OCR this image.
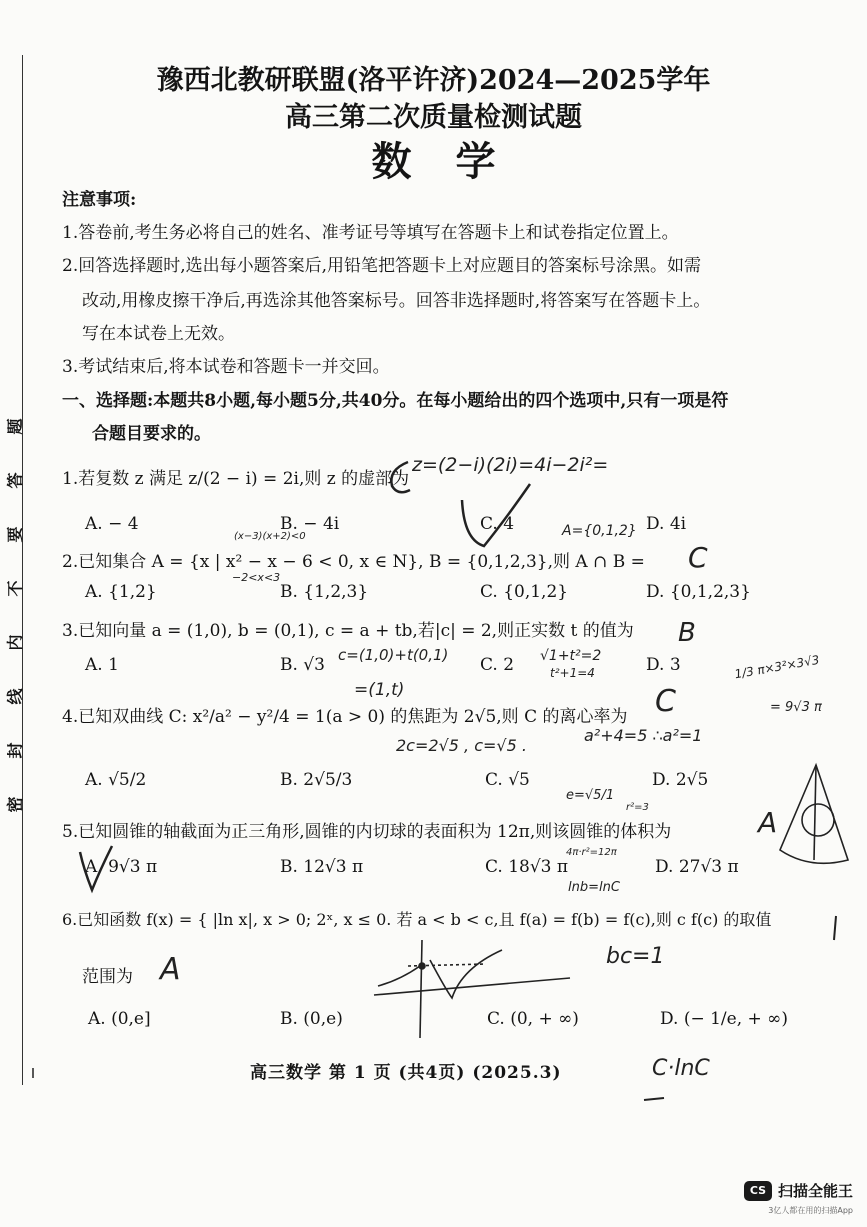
题
答
要
不
内
线
封
密
豫西北教研联盟(洛平许济)2024—2025学年
高三第二次质量检测试题
数学
注意事项:
1.答卷前,考生务必将自己的姓名、准考证号等填写在答题卡上和试卷指定位置上。
2.回答选择题时,选出每小题答案后,用铅笔把答题卡上对应题目的答案标号涂黑。如需
改动,用橡皮擦干净后,再选涂其他答案标号。回答非选择题时,将答案写在答题卡上。
写在本试卷上无效。
3.考试结束后,将本试卷和答题卡一并交回。
一、选择题:本题共8小题,每小题5分,共40分。在每小题给出的四个选项中,只有一项是符
合题目要求的。
1.若复数 z 满足 z/(2 − i) = 2i,则 z 的虚部为
A. − 4	B. − 4i	C. 4	D. 4i
2.已知集合 A = {x | x² − x − 6 < 0, x ∈ N}, B = {0,1,2,3},则 A ∩ B =
A. {1,2}	B. {1,2,3}	C. {0,1,2}	D. {0,1,2,3}
3.已知向量 a = (1,0), b = (0,1), c = a + tb,若|c| = 2,则正实数 t 的值为
A. 1	B. √3	C. 2	D. 3
4.已知双曲线 C: x²/a² − y²/4 = 1(a > 0) 的焦距为 2√5,则 C 的离心率为
A. √5/2	B. 2√5/3	C. √5	D. 2√5
5.已知圆锥的轴截面为正三角形,圆锥的内切球的表面积为 12π,则该圆锥的体积为
A. 9√3 π	B. 12√3 π	C. 18√3 π	D. 27√3 π
6.已知函数 f(x) = { |ln x|, x > 0; 2ˣ, x ≤ 0. 若 a < b < c,且 f(a) = f(b) = f(c),则 c f(c) 的取值
范围为
A. (0,e]	B. (0,e)	C. (0, + ∞)	D. (− 1/e, + ∞)
z=(2−i)(2i)=4i−2i²=
A={0,1,2}
(x−3)(x+2)<0
−2<x<3
C
c=(1,0)+t(0,1)
=(1,t)
√1+t²=2
t²+1=4
B
2c=2√5 , c=√5 .
a²+4=5 ∴a²=1
e=√5/1
C
4π·r²=12π
r²=3	A
lnb=lnC
bc=1
A
C·lnC
1/3 π×3²×3√3
= 9√3 π
高三数学 第 1 页 (共4页) (2025.3)
CS 扫描全能王
3亿人都在用的扫描App
